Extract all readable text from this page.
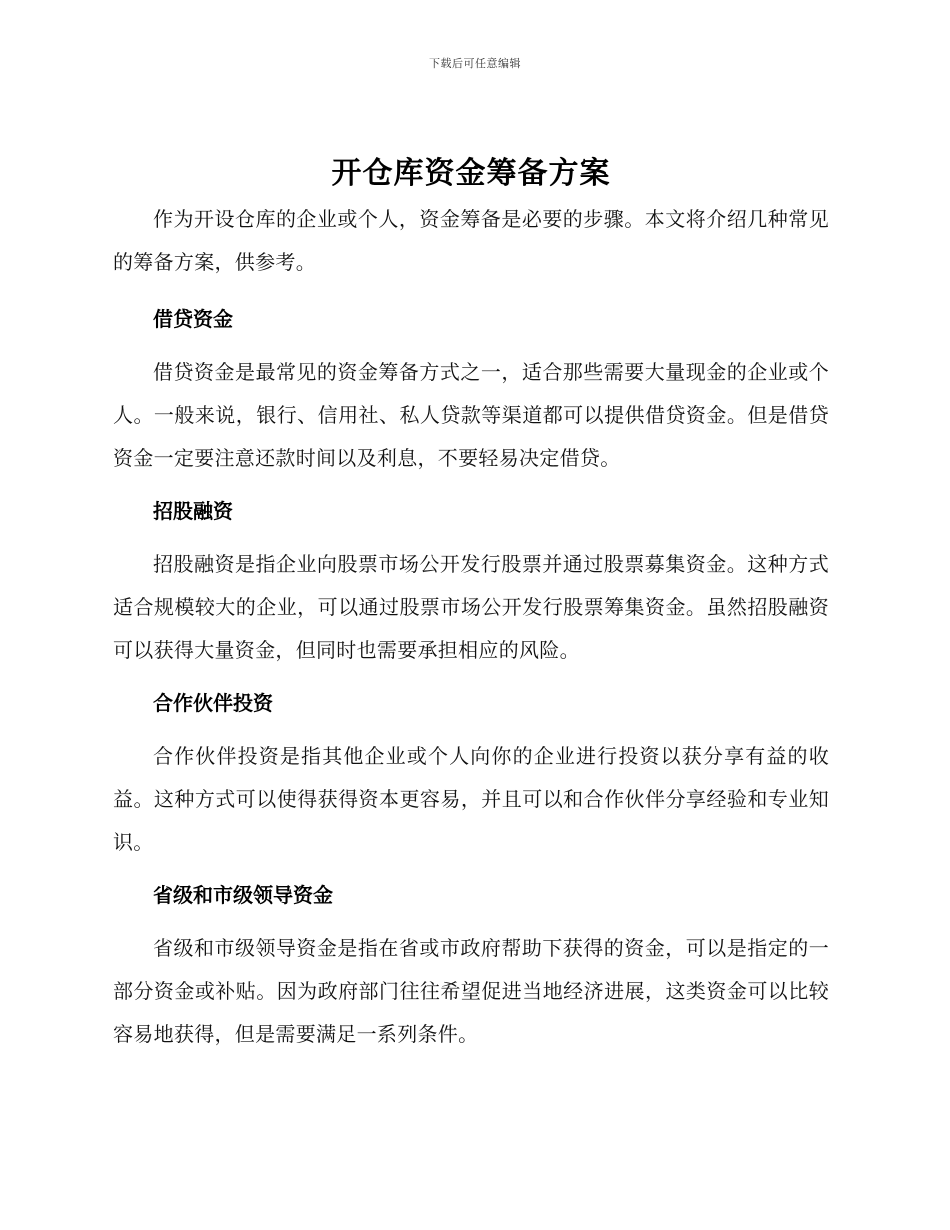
下载后可任意编辑
开仓库资金筹备方案

作为开设仓库的企业或个人，资金筹备是必要的步骤。本文将介绍几种常见的筹备方案，供参考。

借贷资金

借贷资金是最常见的资金筹备方式之一，适合那些需要大量现金的企业或个人。一般来说，银行、信用社、私人贷款等渠道都可以提供借贷资金。但是借贷资金一定要注意还款时间以及利息，不要轻易决定借贷。

招股融资

招股融资是指企业向股票市场公开发行股票并通过股票募集资金。这种方式适合规模较大的企业，可以通过股票市场公开发行股票筹集资金。虽然招股融资可以获得大量资金，但同时也需要承担相应的风险。

合作伙伴投资

合作伙伴投资是指其他企业或个人向你的企业进行投资以获分享有益的收益。这种方式可以使得获得资本更容易，并且可以和合作伙伴分享经验和专业知识。

省级和市级领导资金

省级和市级领导资金是指在省或市政府帮助下获得的资金，可以是指定的一部分资金或补贴。因为政府部门往往希望促进当地经济进展，这类资金可以比较容易地获得，但是需要满足一系列条件。
